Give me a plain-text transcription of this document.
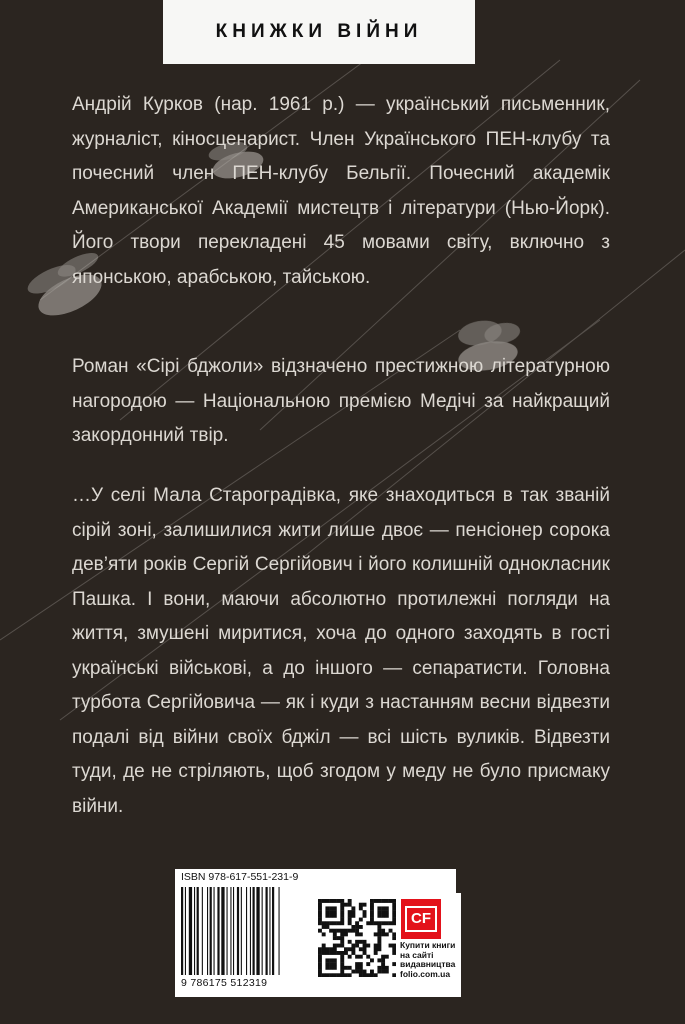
КНИЖКИ ВІЙНИ
Андрій Курков (нар. 1961 р.) — український письменник, журналіст, кіносценарист. Член Українського ПЕН-клубу та почесний член ПЕН-клубу Бельгії. Почесний академік Американської Академії мистецтв і літератури (Нью-Йорк). Його твори перекладені 45 мовами світу, включно з японською, арабською, тайською.
Роман «Сірі бджоли» відзначено престижною літературною нагородою — Національною премією Медічі за найкращий закордонний твір.
…У селі Мала Староградівка, яке знаходиться в так званій сірій зоні, залишилися жити лише двоє — пенсіонер сорока дев’яти років Сергій Сергійович і його колишній однокласник Пашка. І вони, маючи абсолютно протилежні погляди на життя, змушені миритися, хоча до одного заходять в гості українські військові, а до іншого — сепаратисти. Головна турбота Сергійовича — як і куди з настанням весни відвезти подалі від війни своїх бджіл — всі шість вуликів. Відвезти туди, де не стріляють, щоб згодом у меду не було присмаку війни.
ISBN 978-617-551-231-9
9 786175 512319
CF
Купити книги на сайті видавництва folio.com.ua
